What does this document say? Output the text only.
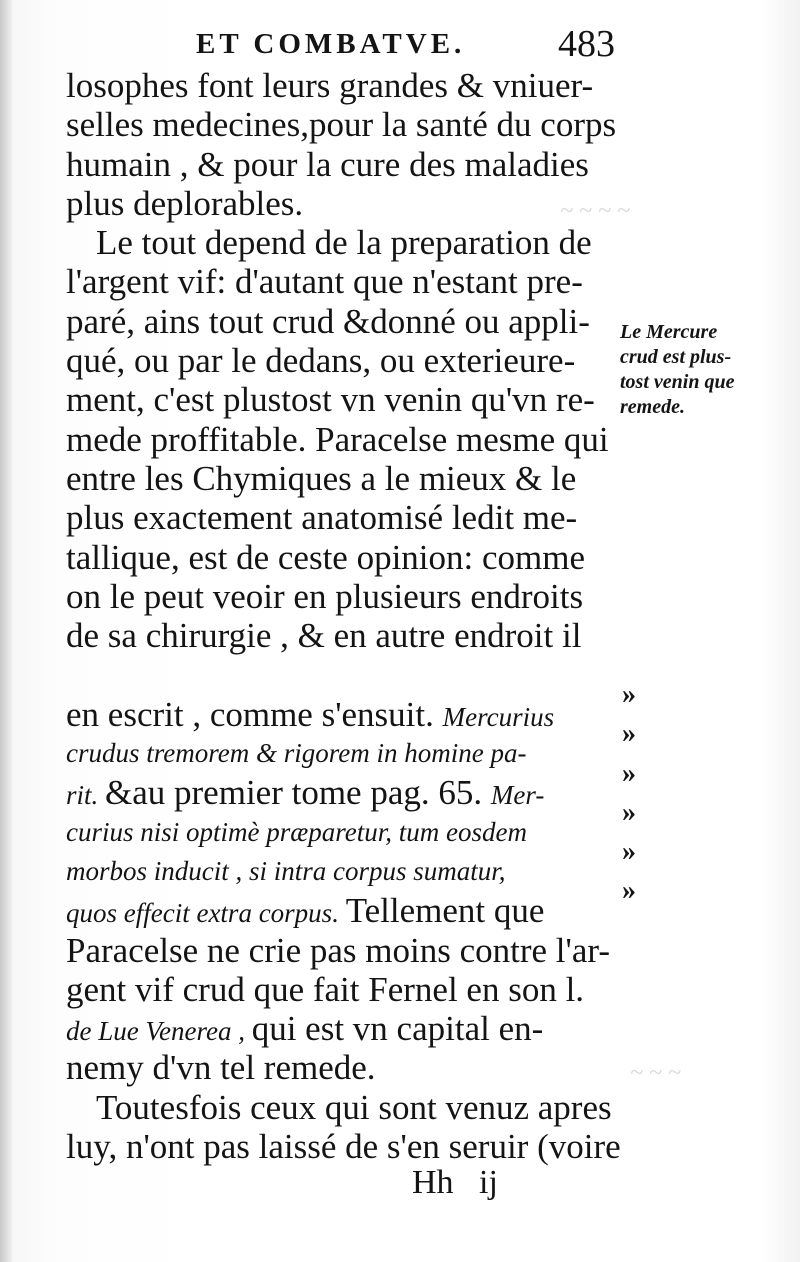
~ ~ ~ ~
~ ~ ~
ET COMBATVE. 483
losophes font leurs grandes & vniuer-
selles medecines,pour la santé du corps
humain , & pour la cure des maladies
plus deplorables.
Le tout depend de la preparation de
l'argent vif: d'autant que n'estant pre-
paré, ains tout crud &donné ou appli-
qué, ou par le dedans, ou exterieure-
ment, c'est plustost vn venin qu'vn re-
mede proffitable. Paracelse mesme qui
entre les Chymiques a le mieux & le
plus exactement anatomisé ledit me-
tallique, est de ceste opinion: comme
on le peut veoir en plusieurs endroits
de sa chirurgie , & en autre endroit il
en escrit , comme s'ensuit. Mercurius
crudus tremorem & rigorem in homine pa-
rit. &au premier tome pag. 65. Mer-
curius nisi optimè præparetur, tum eosdem
morbos inducit , si intra corpus sumatur,
quos effecit extra corpus. Tellement que
Paracelse ne crie pas moins contre l'ar-
gent vif crud que fait Fernel en son l.
de Lue Venerea , qui est vn capital en-
nemy d'vn tel remede.
Toutesfois ceux qui sont venuz apres
luy, n'ont pas laissé de s'en seruir (voire
Le Mercure
crud est plus-
tost venin que
remede.
»
»
»
»
»
»
Hh   ij
